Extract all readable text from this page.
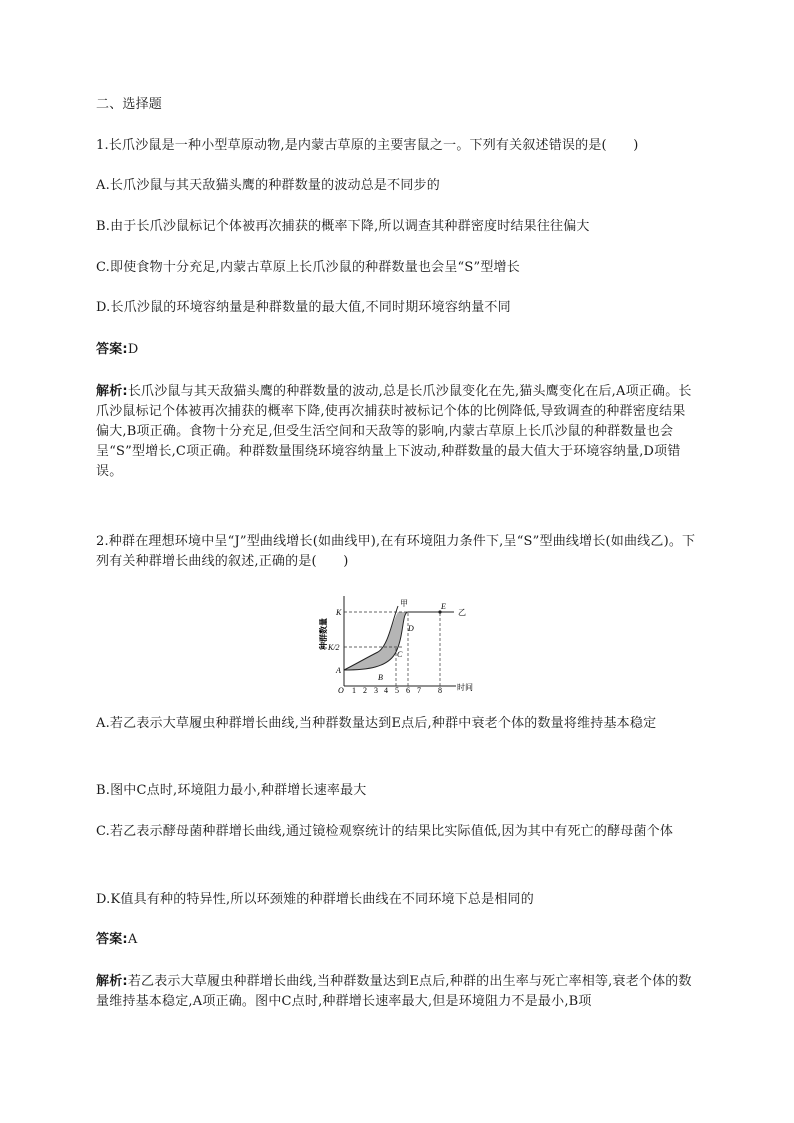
二、选择题
1.长爪沙鼠是一种小型草原动物,是内蒙古草原的主要害鼠之一。下列有关叙述错误的是(　　)
A.长爪沙鼠与其天敌猫头鹰的种群数量的波动总是不同步的
B.由于长爪沙鼠标记个体被再次捕获的概率下降,所以调查其种群密度时结果往往偏大
C.即使食物十分充足,内蒙古草原上长爪沙鼠的种群数量也会呈“S”型增长
D.长爪沙鼠的环境容纳量是种群数量的最大值,不同时期环境容纳量不同
答案:D
解析:长爪沙鼠与其天敌猫头鹰的种群数量的波动,总是长爪沙鼠变化在先,猫头鹰变化在后,A项正确。长爪沙鼠标记个体被再次捕获的概率下降,使再次捕获时被标记个体的比例降低,导致调查的种群密度结果偏大,B项正确。食物十分充足,但受生活空间和天敌等的影响,内蒙古草原上长爪沙鼠的种群数量也会呈“S”型增长,C项正确。种群数量围绕环境容纳量上下波动,种群数量的最大值大于环境容纳量,D项错误。
2.种群在理想环境中呈“J”型曲线增长(如曲线甲),在有环境阻力条件下,呈“S”型曲线增长(如曲线乙)。下列有关种群增长曲线的叙述,正确的是(　　)
种群数量
时间
K
K/2
A
O 1 2 3 4 5 6 7 8
B
C
D
E
甲
乙
A.若乙表示大草履虫种群增长曲线,当种群数量达到E点后,种群中衰老个体的数量将维持基本稳定
B.图中C点时,环境阻力最小,种群增长速率最大
C.若乙表示酵母菌种群增长曲线,通过镜检观察统计的结果比实际值低,因为其中有死亡的酵母菌个体
D.K值具有种的特异性,所以环颈雉的种群增长曲线在不同环境下总是相同的
答案:A
解析:若乙表示大草履虫种群增长曲线,当种群数量达到E点后,种群的出生率与死亡率相等,衰老个体的数量维持基本稳定,A项正确。图中C点时,种群增长速率最大,但是环境阻力不是最小,B项
